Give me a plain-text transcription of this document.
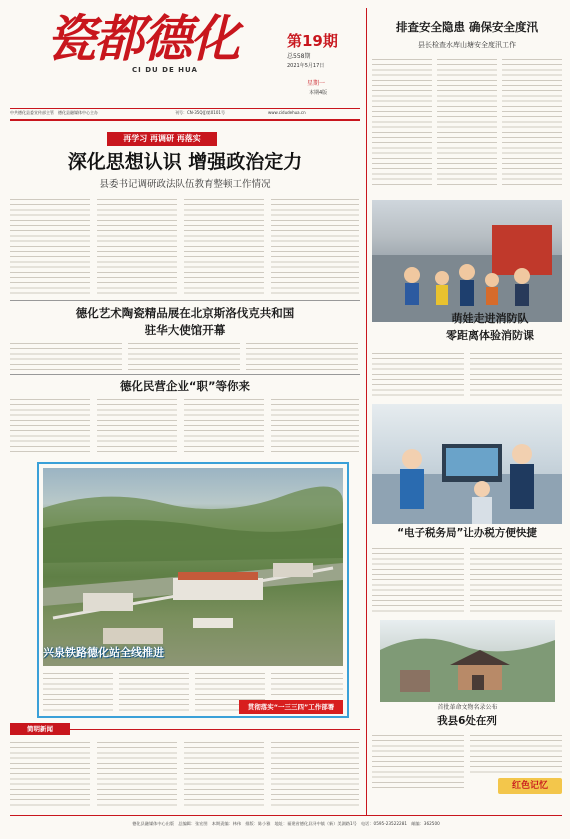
瓷都德化
CI DU DE HUA
第19期
总558期
2021年5月17日
星期一
本期4版
中共德化县委宣传部主管　德化县融媒体中心主办	刊号：CN-35Q(J)第0101号	www.cidudehua.cn
再学习 再调研 再落实
深化思想认识 增强政治定力
县委书记调研政法队伍教育整顿工作情况
德化艺术陶瓷精品展在北京斯洛伐克共和国
驻华大使馆开幕
德化民营企业“职”等你来
兴泉铁路德化站全线推进
贯彻落实“一三三四”工作部署
简明新闻
排查安全隐患 确保安全度汛
县长检查水库山塘安全度汛工作
萌娃走进消防队
零距离体验消防课
“电子税务局”让办税方便快捷
首批革命文物名录公布
我县6处在列
红色记忆
德化县融媒体中心出版　总编辑：张宏图　本期责编：林伟　排版：陈小雅　地址：福建省德化县浔中镇（新）美湖路1号　电话：0595-23522281　邮编：362500
